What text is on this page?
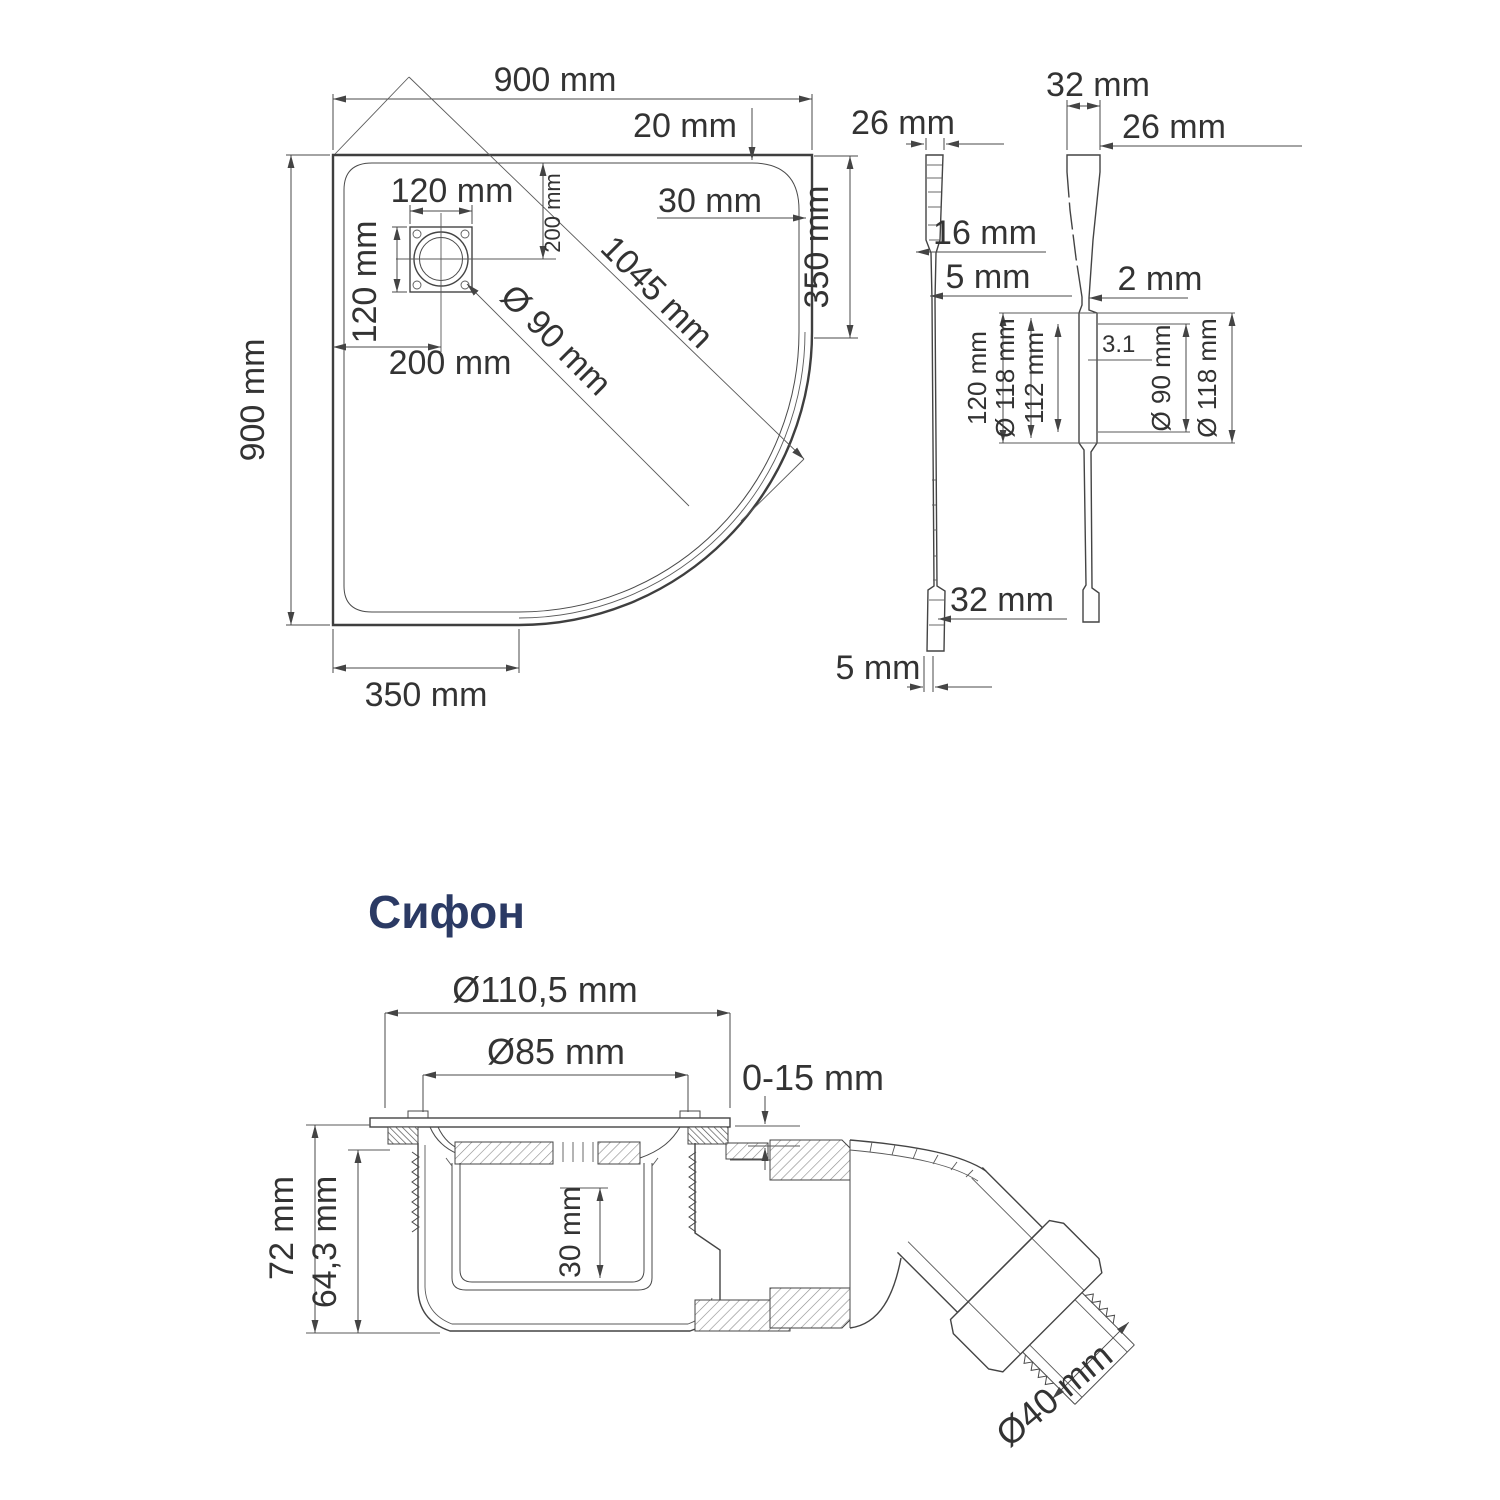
900 mm
20 mm
30 mm 350 mm
900 mm
350 mm
1045 mm
Ø 90 mm
120 mm
120 mm
200 mm
200 mm
26 mm
16 mm
5 mm
32 mm
5 mm
32 mm
26 mm
2 mm
120 mm
Ø 118 mm 112 mm 3.1 Ø 90 mm Ø 118 mm
Сифон
Ø40 mm
Ø110,5 mm
Ø85 mm
0-15 mm
72 mm 64,3 mm	30 mm
